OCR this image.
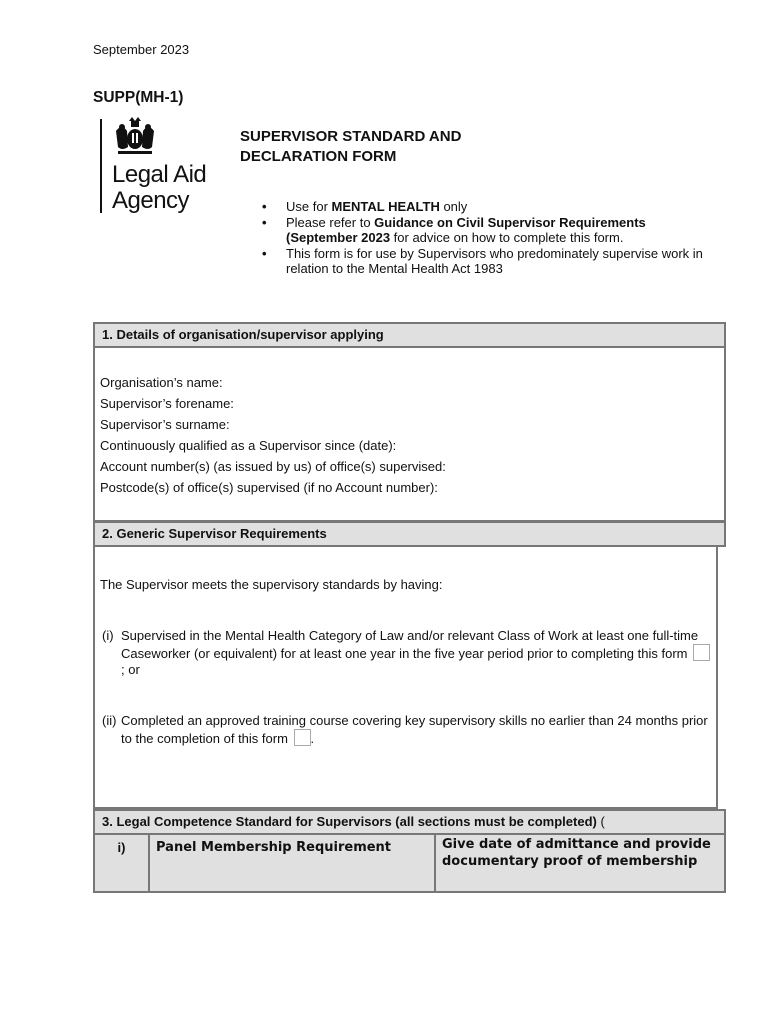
September 2023
SUPP(MH-1)
Legal Aid
Agency
SUPERVISOR STANDARD AND
DECLARATION FORM
• Use for MENTAL HEALTH only
• Please refer to Guidance on Civil Supervisor Requirements (September 2023 for advice on how to complete this form.
• This form is for use by Supervisors who predominately supervise work in relation to the Mental Health Act 1983
1. Details of organisation/supervisor applying
Organisation’s name:
Supervisor’s forename:
Supervisor’s surname:
Continuously qualified as a Supervisor since (date):
Account number(s) (as issued by us) of office(s) supervised:
Postcode(s) of office(s) supervised (if no Account number):
2. Generic Supervisor Requirements
The Supervisor meets the supervisory standards by having:
(i) Supervised in the Mental Health Category of Law and/or relevant Class of Work at least one full-time Caseworker (or equivalent) for at least one year in the five year period prior to completing this form ; or
(ii) Completed an approved training course covering key supervisory skills no earlier than 24 months prior to the completion of this form .
3. Legal Competence Standard for Supervisors (all sections must be completed) (
i)	Panel Membership Requirement	Give date of admittance and provide documentary proof of membership
